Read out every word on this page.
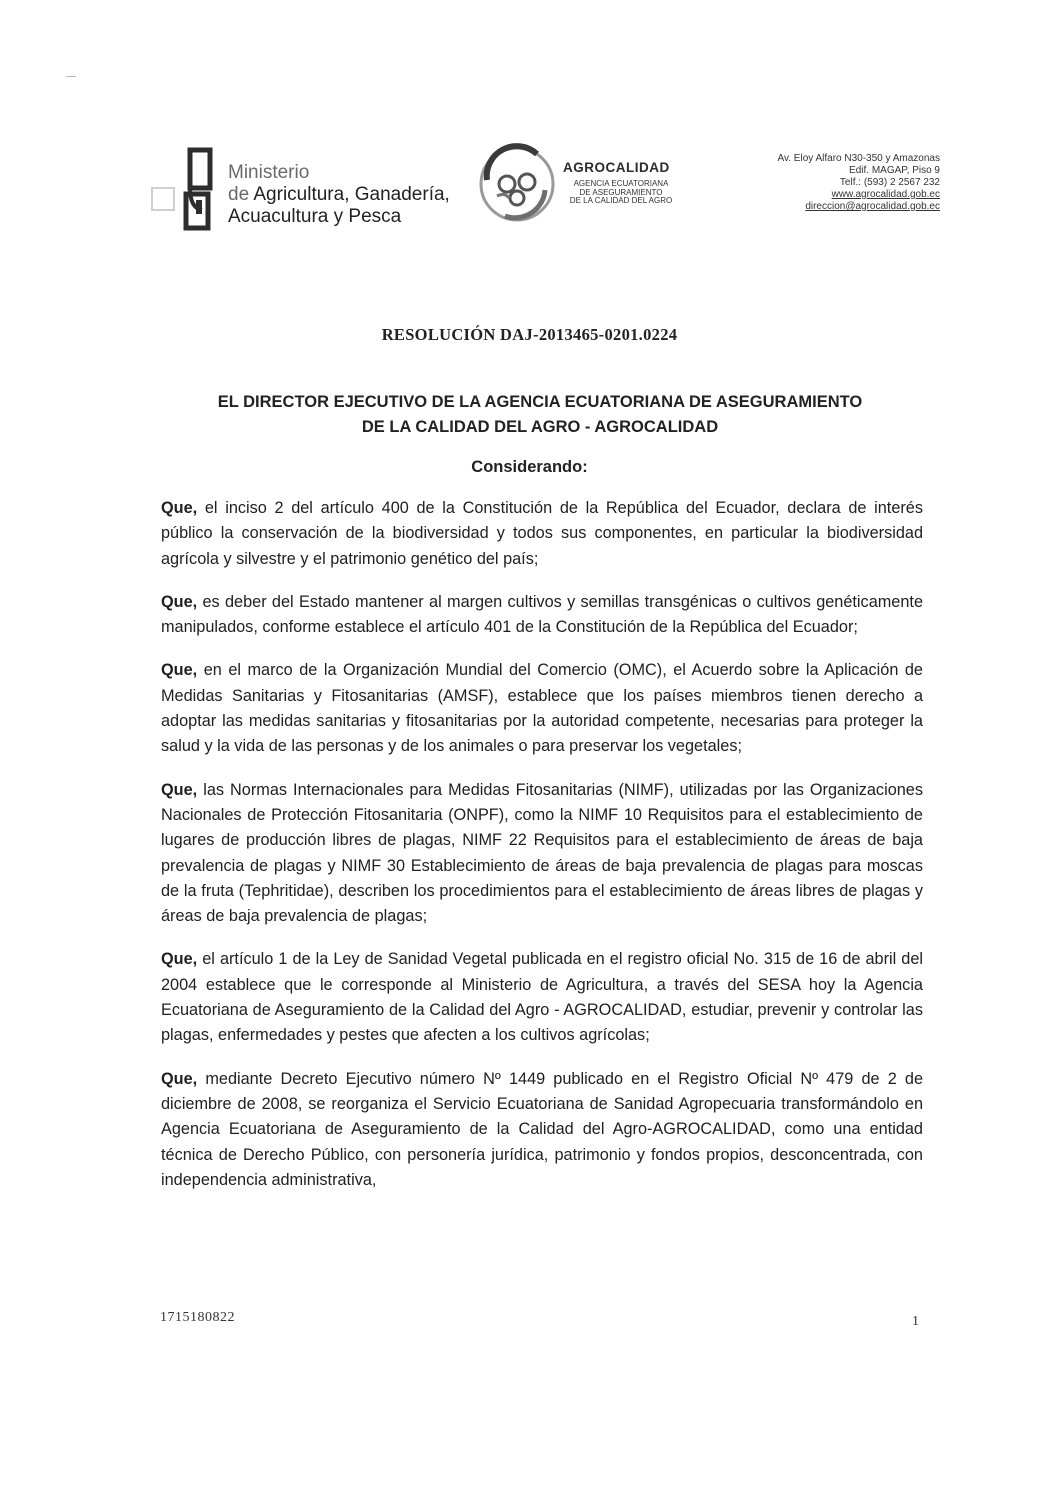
Ministerio
de Agricultura, Ganadería,
Acuacultura y Pesca
AGROCALIDAD
AGENCIA ECUATORIANA
DE ASEGURAMIENTO
DE LA CALIDAD DEL AGRO
Av. Eloy Alfaro N30-350 y Amazonas
Edif. MAGAP, Piso 9
Telf.: (593) 2 2567 232
www.agrocalidad.gob.ec
direccion@agrocalidad.gob.ec
RESOLUCIÓN DAJ-2013465-0201.0224
EL DIRECTOR EJECUTIVO DE LA AGENCIA ECUATORIANA DE ASEGURAMIENTO
DE LA CALIDAD DEL AGRO - AGROCALIDAD
Considerando:

Que, el inciso 2 del artículo 400 de la Constitución de la República del Ecuador, declara de interés público la conservación de la biodiversidad y todos sus componentes, en particular la biodiversidad agrícola y silvestre y el patrimonio genético del país;

Que, es deber del Estado mantener al margen cultivos y semillas transgénicas o cultivos genéticamente manipulados, conforme establece el artículo 401 de la Constitución de la República del Ecuador;

Que, en el marco de la Organización Mundial del Comercio (OMC), el Acuerdo sobre la Aplicación de Medidas Sanitarias y Fitosanitarias (AMSF), establece que los países miembros tienen derecho a adoptar las medidas sanitarias y fitosanitarias por la autoridad competente, necesarias para proteger la salud y la vida de las personas y de los animales o para preservar los vegetales;

Que, las Normas Internacionales para Medidas Fitosanitarias (NIMF), utilizadas por las Organizaciones Nacionales de Protección Fitosanitaria (ONPF), como la NIMF 10 Requisitos para el establecimiento de lugares de producción libres de plagas, NIMF 22 Requisitos para el establecimiento de áreas de baja prevalencia de plagas y NIMF 30 Establecimiento de áreas de baja prevalencia de plagas para moscas de la fruta (Tephritidae), describen los procedimientos para el establecimiento de áreas libres de plagas y áreas de baja prevalencia de plagas;

Que, el artículo 1 de la Ley de Sanidad Vegetal publicada en el registro oficial No. 315 de 16 de abril del 2004 establece que le corresponde al Ministerio de Agricultura, a través del SESA hoy la Agencia Ecuatoriana de Aseguramiento de la Calidad del Agro - AGROCALIDAD, estudiar, prevenir y controlar las plagas, enfermedades y pestes que afecten a los cultivos agrícolas;

Que, mediante Decreto Ejecutivo número Nº 1449 publicado en el Registro Oficial Nº 479 de 2 de diciembre de 2008, se reorganiza el Servicio Ecuatoriana de Sanidad Agropecuaria transformándolo en Agencia Ecuatoriana de Aseguramiento de la Calidad del Agro-AGROCALIDAD, como una entidad técnica de Derecho Público, con personería jurídica, patrimonio y fondos propios, desconcentrada, con independencia administrativa,

1715180822	1
